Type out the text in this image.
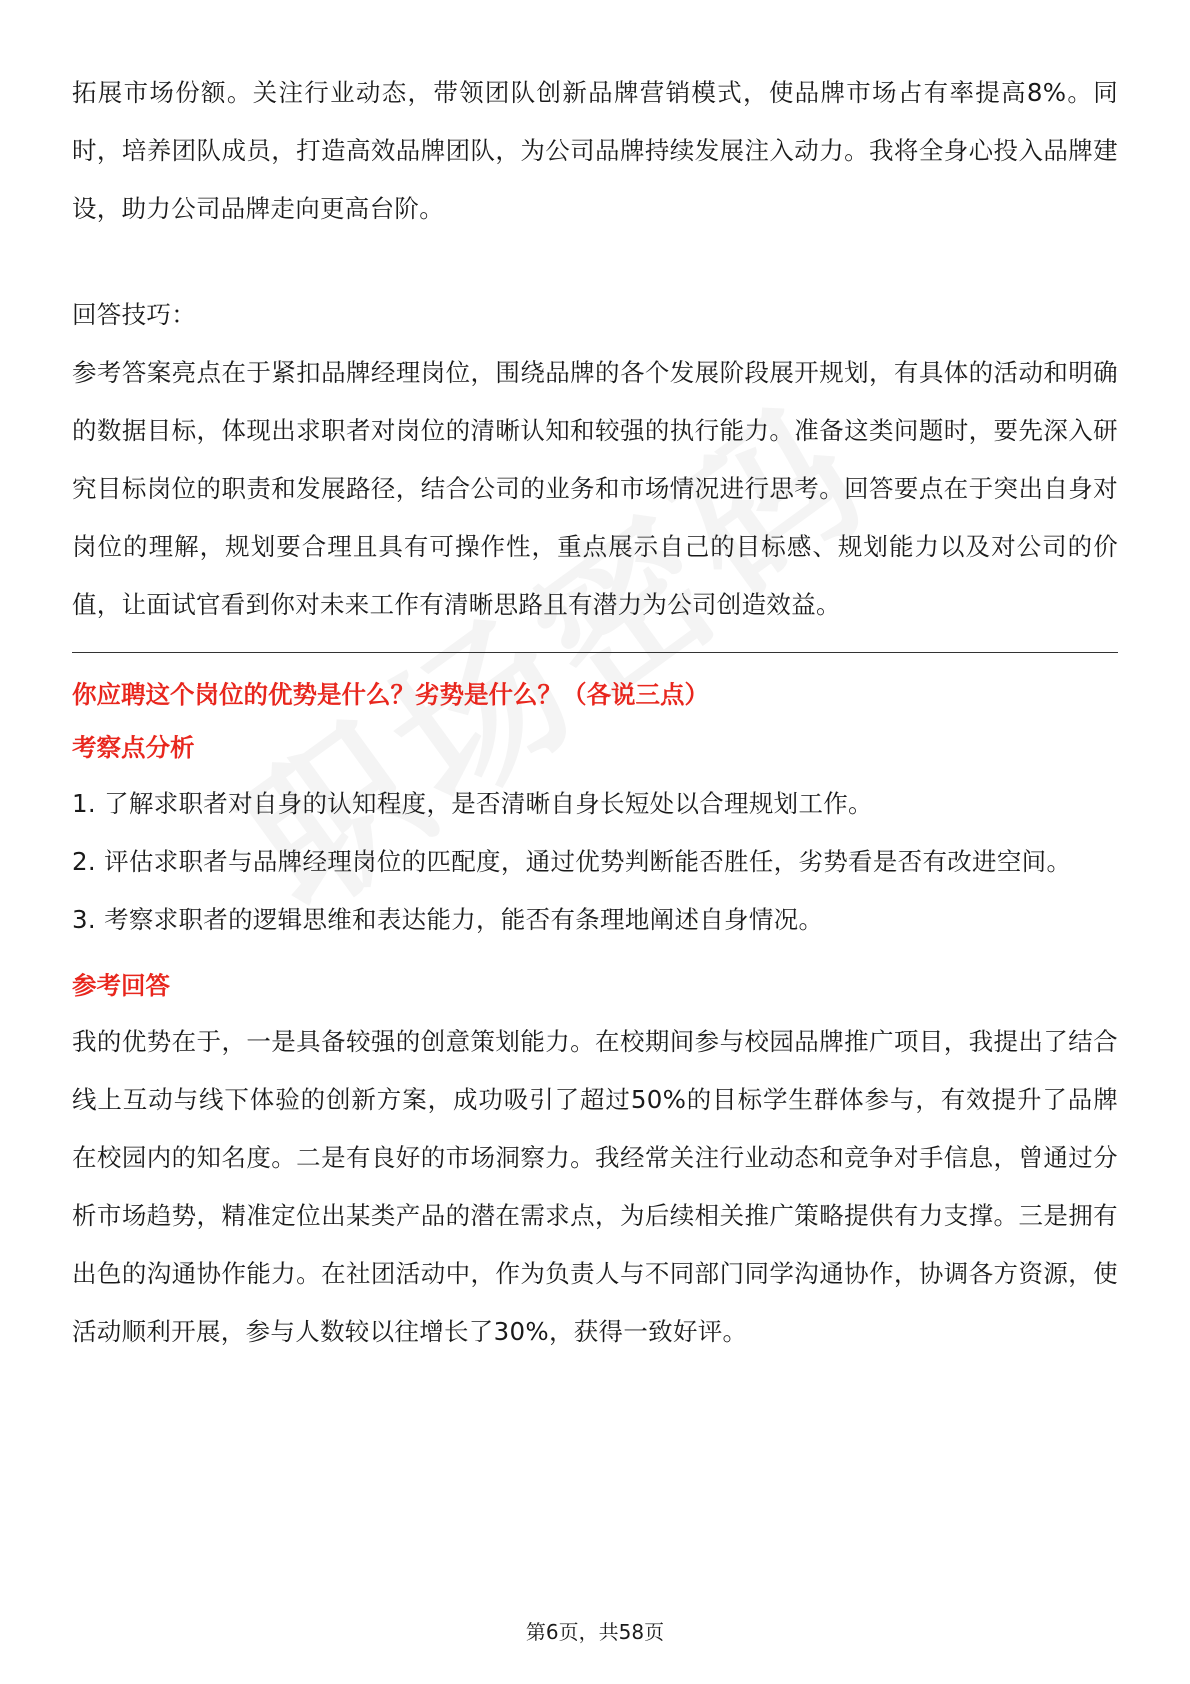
拓展市场份额。关注行业动态，带领团队创新品牌营销模式，使品牌市场占有率提高8%。同时，培养团队成员，打造高效品牌团队，为公司品牌持续发展注入动力。我将全身心投入品牌建设，助力公司品牌走向更高台阶。

回答技巧：

参考答案亮点在于紧扣品牌经理岗位，围绕品牌的各个发展阶段展开规划，有具体的活动和明确的数据目标，体现出求职者对岗位的清晰认知和较强的执行能力。准备这类问题时，要先深入研究目标岗位的职责和发展路径，结合公司的业务和市场情况进行思考。回答要点在于突出自身对岗位的理解，规划要合理且具有可操作性，重点展示自己的目标感、规划能力以及对公司的价值，让面试官看到你对未来工作有清晰思路且有潜力为公司创造效益。

你应聘这个岗位的优势是什么？劣势是什么？（各说三点）
考察点分析

1. 了解求职者对自身的认知程度，是否清晰自身长短处以合理规划工作。

2. 评估求职者与品牌经理岗位的匹配度，通过优势判断能否胜任，劣势看是否有改进空间。

3. 考察求职者的逻辑思维和表达能力，能否有条理地阐述自身情况。

参考回答

我的优势在于，一是具备较强的创意策划能力。在校期间参与校园品牌推广项目，我提出了结合线上互动与线下体验的创新方案，成功吸引了超过50%的目标学生群体参与，有效提升了品牌在校园内的知名度。二是有良好的市场洞察力。我经常关注行业动态和竞争对手信息，曾通过分析市场趋势，精准定位出某类产品的潜在需求点，为后续相关推广策略提供有力支撑。三是拥有出色的沟通协作能力。在社团活动中，作为负责人与不同部门同学沟通协作，协调各方资源，使活动顺利开展，参与人数较以往增长了30%，获得一致好评。

第6页，共58页
